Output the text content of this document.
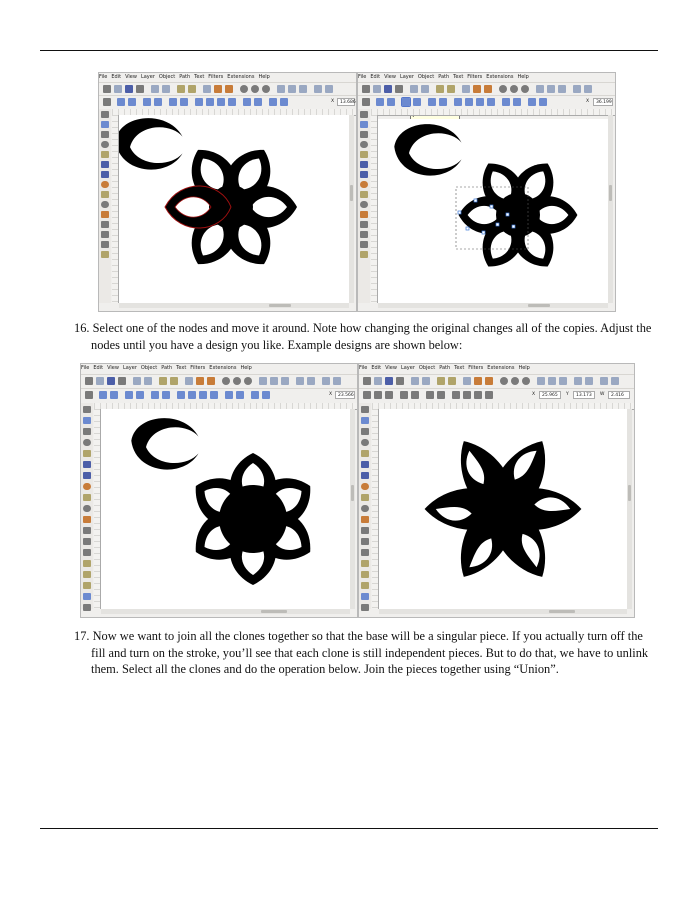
File Edit View Layer Object Path Text Filters Extensions Help
X	13.686
File Edit View Layer Object Path Text Filters Extensions Help
X	36.199
16. Select one of the nodes and move it around. Note how changing the original changes all of the copies. Adjust the nodes until you have a design you like. Example designs are shown below:
File Edit View Layer Object Path Text Filters Extensions Help
X	23.566
File Edit View Layer Object Path Text Filters Extensions Help
X	25.965	Y	13.173	W	2.416
17. Now we want to join all the clones together so that the base will be a singular piece. If you actually turn off the fill and turn on the stroke, you’ll see that each clone is still independent pieces. But to do that, we have to unlink them. Select all the clones and do the operation below. Join the pieces together using “Union”.
